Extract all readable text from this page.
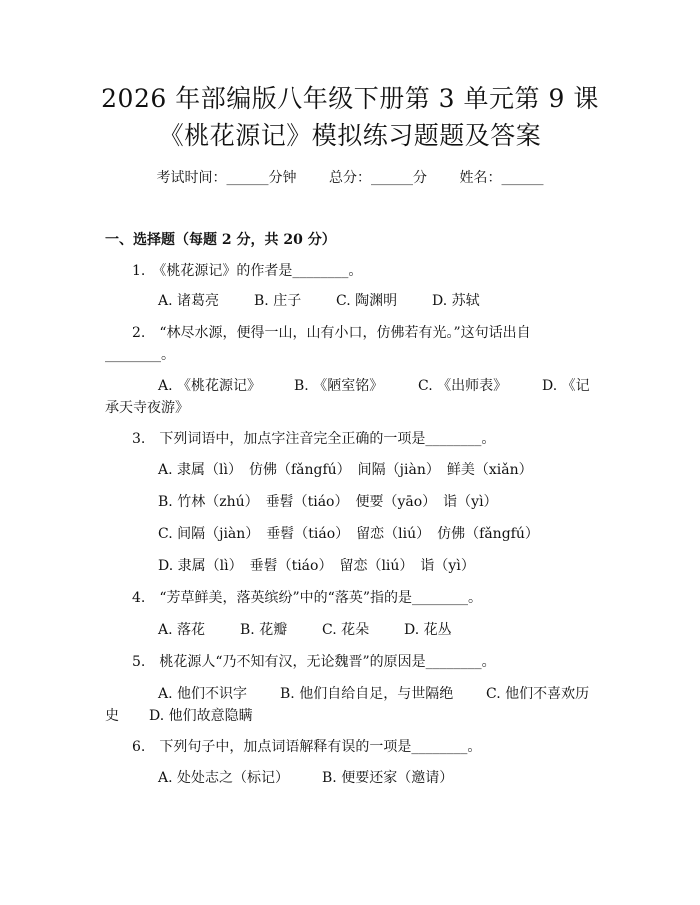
2026 年部编版八年级下册第 3 单元第 9 课
《桃花源记》模拟练习题题及答案
考试时间：______分钟 总分：______分 姓名：______
一、选择题（每题 2 分，共 20 分）
1.　《桃花源记》的作者是________。
A. 诸葛亮 B. 庄子 C. 陶渊明 D. 苏轼
2.　“林尽水源，便得一山，山有小口，仿佛若有光。”这句话出自
________。
A. 《桃花源记》 B. 《陋室铭》 C. 《出师表》 D. 《记
承天寺夜游》
3.　下列词语中，加点字注音完全正确的一项是________。
A. 隶属（lì）　仿佛（fǎngfú）　间隔（jiàn）　鲜美（xiǎn）
B. 竹林（zhú）　垂髫（tiáo）　便要（yāo）　诣（yì）
C. 间隔（jiàn）　垂髫（tiáo）　留恋（liú）　仿佛（fǎngfú）
D. 隶属（lì）　垂髫（tiáo）　留恋（liú）　诣（yì）
4.　“芳草鲜美，落英缤纷”中的“落英”指的是________。
A. 落花 B. 花瓣 C. 花朵 D. 花丛
5.　桃花源人“乃不知有汉，无论魏晋”的原因是________。
A. 他们不识字 B. 他们自给自足，与世隔绝 C. 他们不喜欢历
史 D. 他们故意隐瞒
6.　下列句子中，加点词语解释有误的一项是________。
A. 处处志之（标记） B. 便要还家（邀请）
